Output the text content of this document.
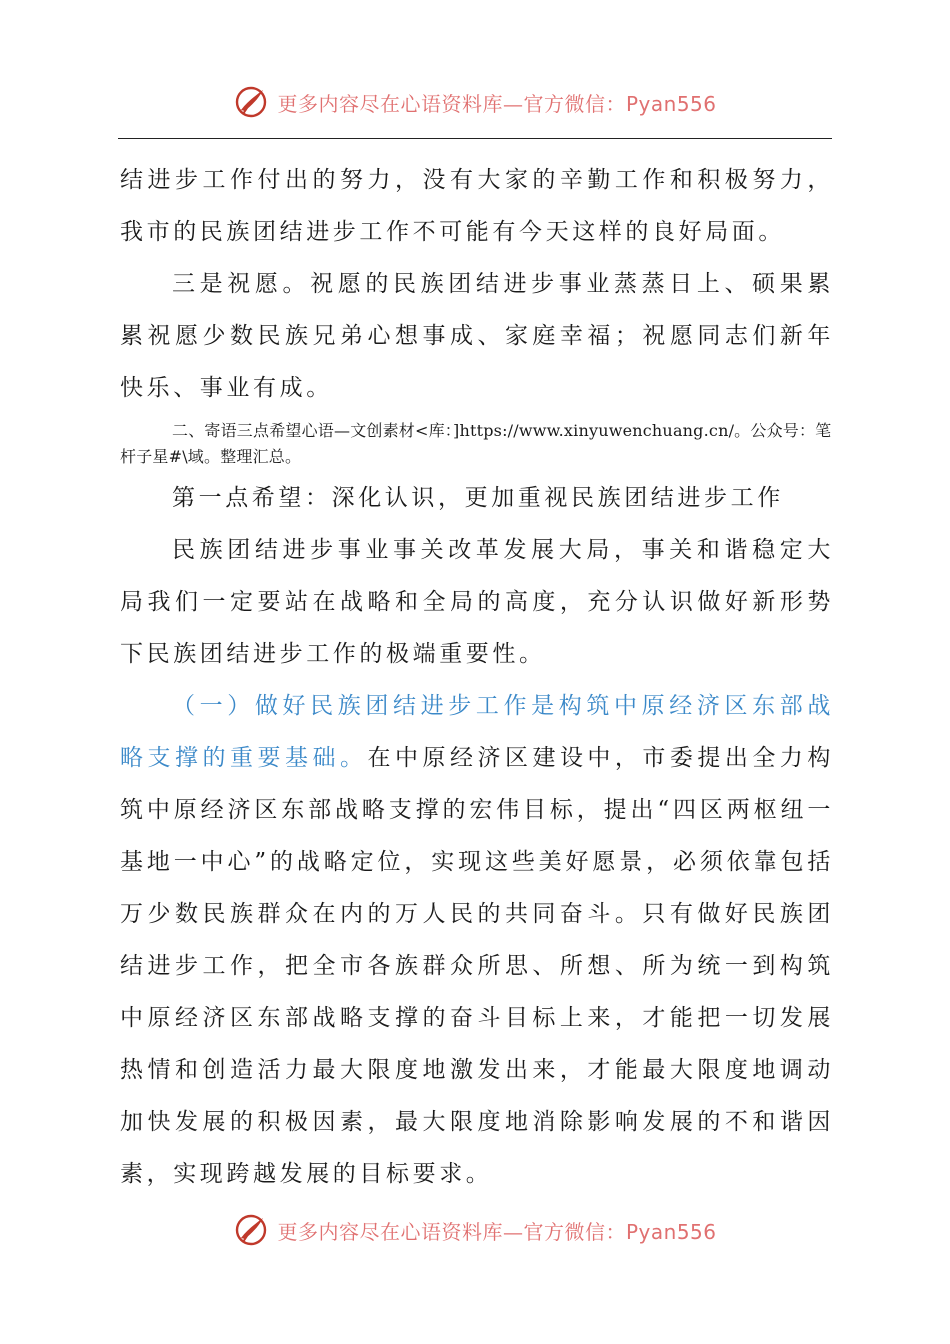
更多内容尽在心语资料库—官方微信：Pyan556

结进步工作付出的努力，没有大家的辛勤工作和积极努力，我市的民族团结进步工作不可能有今天这样的良好局面。

三是祝愿。祝愿的民族团结进步事业蒸蒸日上、硕果累累祝愿少数民族兄弟心想事成、家庭幸福；祝愿同志们新年快乐、事业有成。

二、寄语三点希望心语—文创素材<库：]https://www.xinyuwenchuang.cn/。公众号：笔杆子星#\域。整理汇总。

第一点希望：深化认识，更加重视民族团结进步工作

民族团结进步事业事关改革发展大局，事关和谐稳定大局我们一定要站在战略和全局的高度，充分认识做好新形势下民族团结进步工作的极端重要性。

（一）做好民族团结进步工作是构筑中原经济区东部战略支撑的重要基础。在中原经济区建设中，市委提出全力构筑中原经济区东部战略支撑的宏伟目标，提出“四区两枢纽一基地一中心”的战略定位，实现这些美好愿景，必须依靠包括万少数民族群众在内的万人民的共同奋斗。只有做好民族团结进步工作，把全市各族群众所思、所想、所为统一到构筑中原经济区东部战略支撑的奋斗目标上来，才能把一切发展热情和创造活力最大限度地激发出来，才能最大限度地调动加快发展的积极因素，最大限度地消除影响发展的不和谐因素，实现跨越发展的目标要求。

更多内容尽在心语资料库—官方微信：Pyan556
